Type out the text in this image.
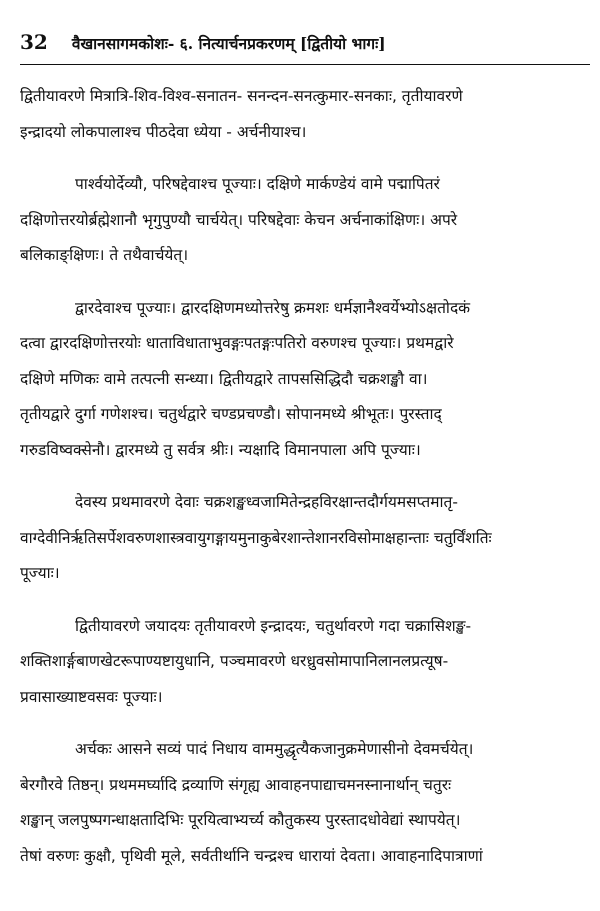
32 वैखानसागमकोशः- ६. नित्यार्चनप्रकरणम् [द्वितीयो भागः]

द्वितीयावरणे मित्रात्रि-शिव-विश्व-सनातन- सनन्दन-सनत्कुमार-सनकाः, तृतीयावरणे
इन्द्रादयो लोकपालाश्च पीठदेवा ध्येया - अर्चनीयाश्च।

पार्श्वयोर्देव्यौ, परिषद्देवाश्च पूज्याः। दक्षिणे मार्कण्डेयं वामे पद्मापितरं
दक्षिणोत्तरयोर्ब्रह्मेशानौ भृगुपुण्यौ चार्चयेत्। परिषद्देवाः केचन अर्चनाकांक्षिणः। अपरे
बलिकाङ्क्षिणः। ते तथैवार्चयेत्।

द्वारदेवाश्च पूज्याः। द्वारदक्षिणमध्योत्तरेषु क्रमशः धर्मज्ञानैश्वर्येभ्योऽक्षतोदकं
दत्वा द्वारदक्षिणोत्तरयोः धाताविधाताभुवङ्गःपतङ्गःपतिरो वरुणश्च पूज्याः। प्रथमद्वारे
दक्षिणे मणिकः वामे तत्पत्नी सन्ध्या। द्वितीयद्वारे तापससिद्धिदौ चक्रशङ्खौ वा।
तृतीयद्वारे दुर्गा गणेशश्च। चतुर्थद्वारे चण्डप्रचण्डौ। सोपानमध्ये श्रीभूतः। पुरस्ताद्
गरुडविष्वक्सेनौ। द्वारमध्ये तु सर्वत्र श्रीः। न्यक्षादि विमानपाला अपि पूज्याः।

देवस्य प्रथमावरणे देवाः चक्रशङ्खध्वजामितेन्द्रहविरक्षान्तदौर्गयमसप्तमातृ-
वाग्देवीनिरृतिसर्पेशवरुणशास्त्रवायुगङ्गायमुनाकुबेरशान्तेशानरविसोमाक्षहान्ताः चतुर्विंशतिः
पूज्याः।

द्वितीयावरणे जयादयः तृतीयावरणे इन्द्रादयः, चतुर्थावरणे गदा चक्रासिशङ्ख-
शक्तिशार्ङ्गबाणखेटरूपाण्यष्टायुधानि, पञ्चमावरणे धरध्रुवसोमापानिलानलप्रत्यूष-
प्रवासाख्याष्टवसवः पूज्याः।

अर्चकः आसने सव्यं पादं निधाय वाममुद्धृत्यैकजानुक्रमेणासीनो देवमर्चयेत्।
बेरगौरवे तिष्ठन्। प्रथममर्घ्यादि द्रव्याणि संगृह्य आवाहनपाद्याचमनस्नानार्थान् चतुरः
शङ्खान् जलपुष्पगन्धाक्षतादिभिः पूरयित्वाभ्यर्च्य कौतुकस्य पुरस्तादधोवेद्यां स्थापयेत्।
तेषां वरुणः कुक्षौ, पृथिवी मूले, सर्वतीर्थानि चन्द्रश्च धारायां देवता। आवाहनादिपात्राणां
